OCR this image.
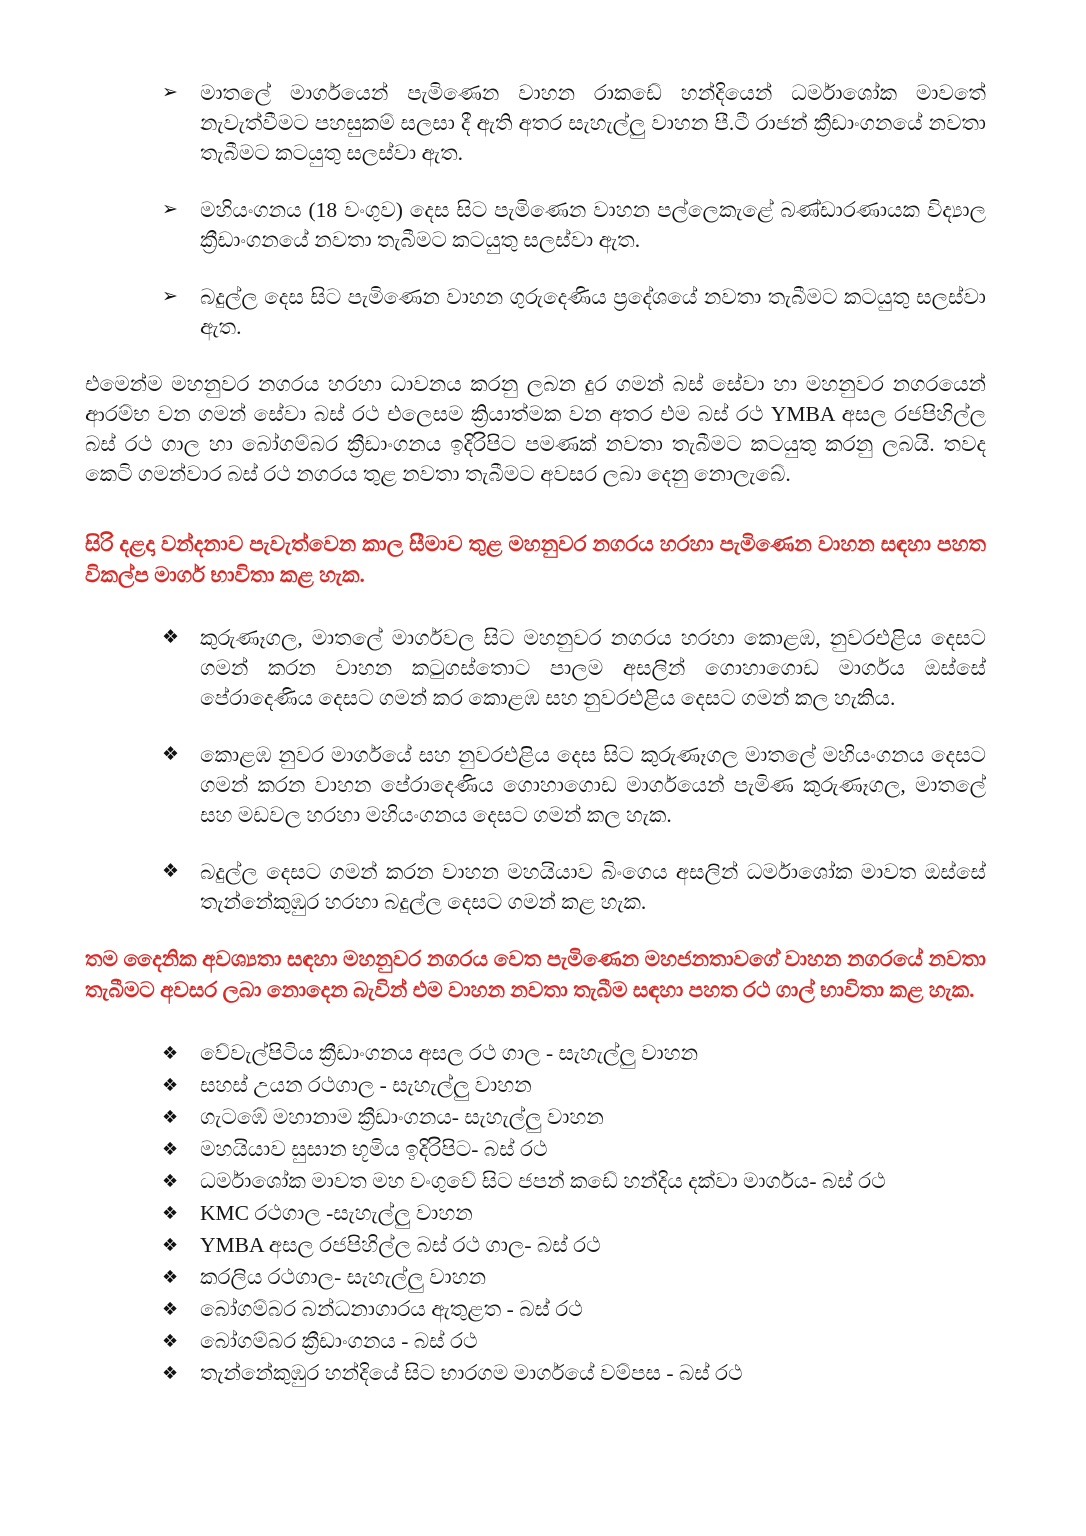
➢	මාතලේ මාර්ගයෙන් පැමිණෙන වාහන රාකඩේ හන්දියෙන් ධර්මාශෝක මාවතේ නැවැත්වීමට පහසුකම් සලසා දී ඇති අතර සැහැල්ලු වාහන පී.ටී රාජන් ක්‍රීඩාංගනයේ නවතා තැබීමට කටයුතු සලස්වා ඇත.
➢	මහියංගනය (18 වංගුව) දෙස සිට පැමිණෙන වාහන පල්ලෙකැළේ බණ්ඩාරණායක විද්‍යාල ක්‍රීඩාංගනයේ නවතා තැබීමට කටයුතු සලස්වා ඇත.
➢	බදුල්ල දෙස සිට පැමිණෙන වාහන ගුරුදෙණිය ප්‍රදේශයේ නවතා තැබීමට කටයුතු සලස්වා ඇත.

එමෙන්ම මහනුවර නගරය හරහා ධාවනය කරනු ලබන දුර ගමන් බස් සේවා හා මහනුවර නගරයෙන් ආරම්භ වන ගමන් සේවා බස් රථ එලෙසම ක්‍රියාත්මක වන අතර එම බස් රථ YMBA අසල රජපිහිල්ල බස් රථ ගාල හා බෝගම්බර ක්‍රීඩාංගනය ඉදිරිපිට පමණක් නවතා තැබීමට කටයුතු කරනු ලබයි. තවද කෙටි ගමන්වාර බස් රථ නගරය තුළ නවතා තැබීමට අවසර ලබා දෙනු නොලැබේ.

සිරි දළදා වන්දනාව පැවැත්වෙන කාල සීමාව තුළ මහනුවර නගරය හරහා පැමිණෙන වාහන සඳහා පහත විකල්ප මාර්ග භාවිතා කළ හැක.

❖ කුරුණෑගල, මාතලේ මාර්ගවල සිට මහනුවර නගරය හරහා කොළඹ, නුවරඑළිය දෙසට ගමන් කරන වාහන කටුගස්තොට පාලම අසලින් ගොහාගොඩ මාර්ගය ඔස්සේ පේරාදෙණිය දෙසට ගමන් කර කොළඹ සහ නුවරඑළිය දෙසට ගමන් කල හැකිය.
❖ කොළඹ නුවර මාර්ගයේ සහ නුවරඑළිය දෙස සිට කුරුණෑගල මාතලේ මහියංගනය දෙසට ගමන් කරන වාහන පේරාදෙණිය ගොහාගොඩ මාර්ගයෙන් පැමිණ කුරුණෑගල, මාතලේ සහ මඩවල හරහා මහියංගනය දෙසට ගමන් කල හැක.
❖ බදුල්ල දෙසට ගමන් කරන වාහන මහයියාව බිංගෙය අසලින් ධර්මාශෝක මාවත ඔස්සේ තැන්නේකුඹුර හරහා බදුල්ල දෙසට ගමන් කළ හැක.

තම දෛනික අවශ්‍යතා සඳහා මහනුවර නගරය වෙත පැමිණෙන මහජනතාවගේ වාහන නගරයේ නවතා තැබීමට අවසර ලබා නොදෙන බැවින් එම වාහන නවතා තැබීම සඳහා පහත රථ ගාල් භාවිතා කළ හැක.

❖	වේවැල්පිටිය ක්‍රීඩාංගනය අසල රථ ගාල - සැහැල්ලු වාහන
❖	සහස් උයන රථගාල - සැහැල්ලු වාහන
❖	ගැටඹේ මහානාම ක්‍රීඩාංගනය- සැහැල්ලු වාහන
❖	මහයියාව සුසාන භූමිය ඉදිරිපිට- බස් රථ
❖	ධර්මාශෝක මාවත මහ වංගුවේ සිට ජපන් කඩේ හන්දිය දක්වා මාර්ගය- බස් රථ
❖	KMC රථගාල -සැහැල්ලු වාහන
❖	YMBA අසල රජපිහිල්ල බස් රථ ගාල- බස් රථ
❖	කරලිය රථගාල- සැහැල්ලු වාහන
❖	බෝගම්බර බන්ධනාගාරය ඇතුළත - බස් රථ
❖	බෝගම්බර ක්‍රීඩාංගනය - බස් රථ
❖	තැන්නේකුඹුර හන්දියේ සිට භාරගම මාර්ගයේ වම්පස - බස් රථ
